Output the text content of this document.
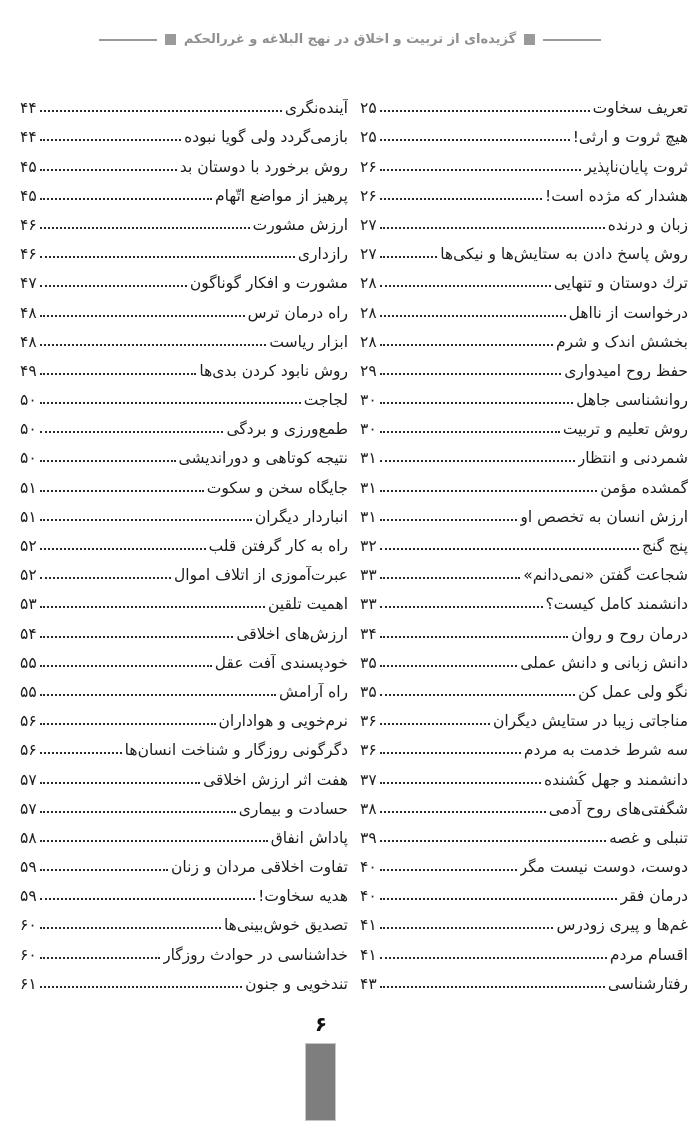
گزیده‌ای از تربیت و اخلاق در نهج البلاغه و غررالحکم
تعریف سخاوت
۲۵
هیچ ثروت و ارثی!
۲۵
ثروت پایان‌ناپذیر
۲۶
هشدار که مژده است!
۲۶
زبان و درنده
۲۷
روش پاسخ دادن به ستایش‌ها و نیکی‌ها
۲۷
ترك دوستان و تنهایی
۲۸
درخواست از نااهل
۲۸
بخشش اندک و شرم
۲۸
حفظ روح امیدواری
۲۹
روانشناسی جاهل
۳۰
روش تعلیم و تربیت
۳۰
شمردنی و انتظار
۳۱
گمشده مؤمن
۳۱
ارزش انسان به تخصص او
۳۱
پنج گنج
۳۲
شجاعت گفتن «نمی‌دانم»
۳۳
دانشمند کامل کیست؟
۳۳
درمان روح و روان
۳۴
دانش زبانی و دانش عملی
۳۵
نگو ولی عمل کن
۳۵
مناجاتی زیبا در ستایش دیگران
۳۶
سه شرط خدمت به مردم
۳۶
دانشمند و جهل کُشنده
۳۷
شگفتی‌های روح آدمی
۳۸
تنبلی و غصه
۳۹
دوست، دوست نیست مگر
۴۰
درمان فقر
۴۰
غم‌ها و پیری زودرس
۴۱
اقسام مردم
۴۱
رفتارشناسی
۴۳
آینده‌نگری
۴۴
بازمی‌گردد ولی گویا نبوده
۴۴
روش برخورد با دوستان بد
۴۵
پرهیز از مواضع اتّهام
۴۵
ارزش مشورت
۴۶
رازداری
۴۶
مشورت و افکار گوناگون
۴۷
راه درمان ترس
۴۸
ابزار ریاست
۴۸
روش نابود کردن بدی‌ها
۴۹
لجاجت
۵۰
طمع‌ورزی و بردگی
۵۰
نتیجه کوتاهی و دوراندیشی
۵۰
جایگاه سخن و سکوت
۵۱
انباردار دیگران
۵۱
راه به کار گرفتن قلب
۵۲
عبرت‌آموزی از اتلاف اموال
۵۲
اهمیت تلقین
۵۳
ارزش‌های اخلاقی
۵۴
خودپسندی آفت عقل
۵۵
راه آرامش
۵۵
نرم‌خویی و هواداران
۵۶
دگرگونی روزگار و شناخت انسان‌ها
۵۶
هفت اثر ارزش اخلاقی
۵۷
حسادت و بیماری
۵۷
پاداش انفاق
۵۸
تفاوت اخلاقی مردان و زنان
۵۹
هدیه سخاوت!
۵۹
تصدیق خوش‌بینی‌ها
۶۰
خداشناسی در حوادث روزگار
۶۰
تندخویی و جنون
۶۱
۶
